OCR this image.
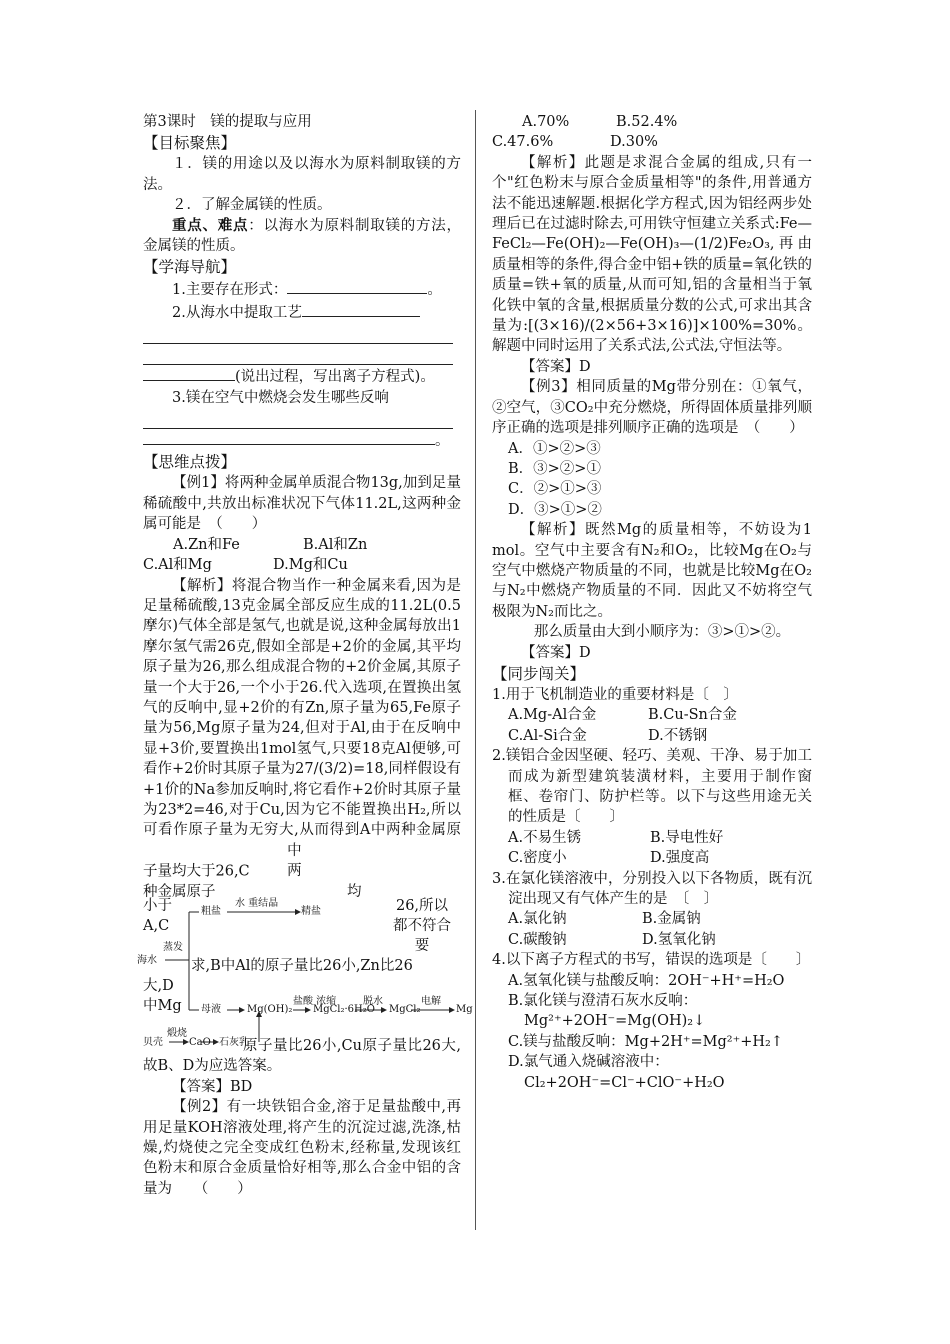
第3课时　镁的提取与应用

【目标聚焦】

１．镁的用途以及以海水为原料制取镁的方法。

２．了解金属镁的性质。

重点、难点：以海水为原料制取镁的方法，金属镁的性质。

【学海导航】

1.主要存在形式：	。

2.从海水中提取工艺

(说出过程，写出离子方程式)。

3.镁在空气中燃烧会发生哪些反响

。

【思维点拨】

【例1】将两种金属单质混合物13g,加到足量稀硫酸中,共放出标准状况下气体11.2L,这两种金属可能是　（　　）

A.Zn和Fe	B.Al和Zn

C.Al和Mg	D.Mg和Cu

【解析】将混合物当作一种金属来看,因为是足量稀硫酸,13克金属全部反应生成的11.2L(0.5摩尔)气体全部是氢气,也就是说,这种金属每放出1摩尔氢气需26克,假如全部是+2价的金属,其平均原子量为26,那么组成混合物的+2价金属,其原子量一个大于26,一个小于26.代入选项,在置换出氢气的反响中,显+2价的有Zn,原子量为65,Fe原子量为56,Mg原子量为24,但对于Al,由于在反响中显+3价,要置换出1mol氢气,只要18克Al便够,可看作+2价时其原子量为27/(3/2)=18,同样假设有+1价的Na参加反响时,将它看作+2价时其原子量为23*2=46,对于Cu,因为它不能置换出H₂,所以可看作原子量为无穷大,从而得到A中两种金属原子量均大于26,C中两

种金属原子	均

海水
蒸发
粗盐
水 重结晶
精盐
母液	Mg(OH)₂
盐酸 浓缩
MgCl₂·6H₂O
脱水
MgCl₂
电解
Mg
贝壳
煅烧
CaO 石灰乳
26,所以
都不符合
要
小于
A,C
求,B中Al的原子量比26小,Zn比26
大,D
中Mg

原子量比26小,Cu原子量比26大,故B、D为应选答案。

【答案】BD

【例2】有一块铁铝合金,溶于足量盐酸中,再用足量KOH溶液处理,将产生的沉淀过滤,洗涤,枯燥,灼烧使之完全变成红色粉末,经称量,发现该红色粉末和原合金质量恰好相等,那么合金中铝的含量为　　（　　）

A.70%	B.52.4%

C.47.6%	D.30%

【解析】此题是求混合金属的组成,只有一个"红色粉末与原合金质量相等"的条件,用普通方法不能迅速解题.根据化学方程式,因为铝经两步处理后已在过滤时除去,可用铁守恒建立关系式:Fe—FeCl₂—Fe(OH)₂—Fe(OH)₃—(1/2)Fe₂O₃,再由质量相等的条件,得合金中铝+铁的质量=氧化铁的质量=铁+氧的质量,从而可知,铝的含量相当于氧化铁中氧的含量,根据质量分数的公式,可求出其含量为:[(3×16)/(2×56+3×16)]×100%=30%。解题中同时运用了关系式法,公式法,守恒法等。

【答案】D

【例3】相同质量的Mg带分别在：①氧气，②空气，③CO₂中充分燃烧，所得固体质量排列顺序正确的选项是排列顺序正确的选项是　（　　）

A．①>②>③

B．③>②>①

C．②>①>③

D．③>①>②

【解析】既然Mg的质量相等，不妨设为1 mol。空气中主要含有N₂和O₂，比较Mg在O₂与空气中燃烧产物质量的不同，也就是比较Mg在O₂与N₂中燃烧产物质量的不同．因此又不妨将空气极限为N₂而比之。

那么质量由大到小顺序为：③>①>②。

【答案】D

【同步闯关】

1.用于飞机制造业的重要材料是〔　〕

A.Mg-Al合金	B.Cu-Sn合金

C.Al-Si合金	D.不锈钢

2.镁铝合金因坚硬、轻巧、美观、干净、易于加工而成为新型建筑装潢材料，主要用于制作窗框、卷帘门、防护栏等。以下与这些用途无关的性质是〔　　〕

A.不易生锈	B.导电性好

C.密度小	D.强度高

3.在氯化镁溶液中，分别投入以下各物质，既有沉淀出现又有气体产生的是　〔　〕

A.氯化钠	B.金属钠

C.碳酸钠	D.氢氧化钠

4.以下离子方程式的书写，错误的选项是〔　　〕

A.氢氧化镁与盐酸反响：2OH⁻+H⁺=H₂O

B.氯化镁与澄清石灰水反响：Mg²⁺+2OH⁻=Mg(OH)₂↓

C.镁与盐酸反响：Mg+2H⁺=Mg²⁺+H₂↑

D.氯气通入烧碱溶液中：Cl₂+2OH⁻=Cl⁻+ClO⁻+H₂O
